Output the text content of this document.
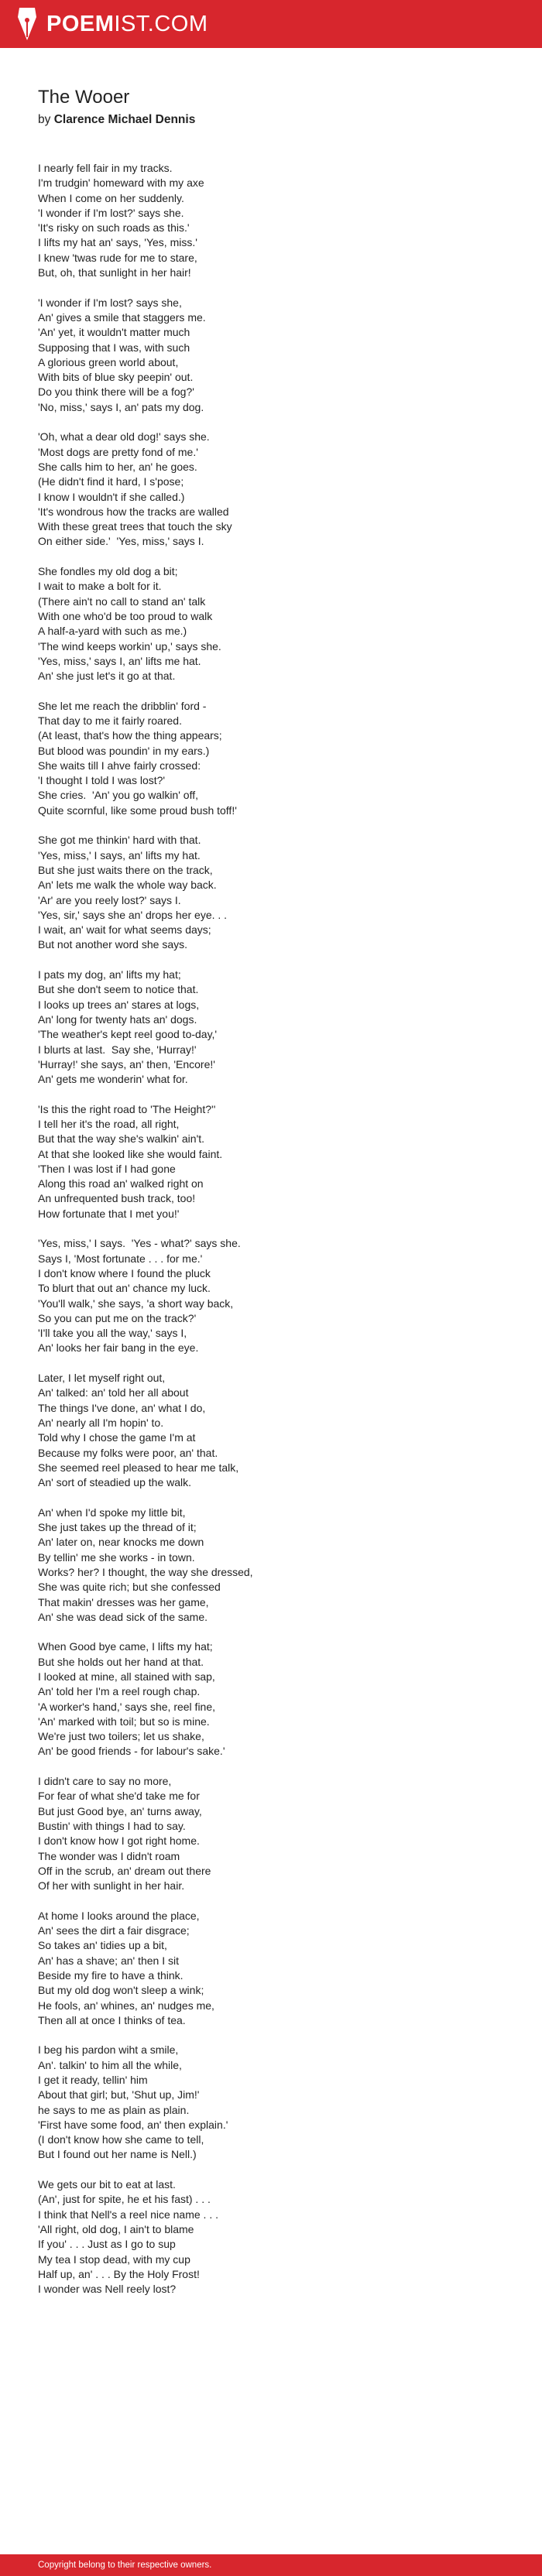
POEMIST.COM
The Wooer

by Clarence Michael Dennis

I nearly fell fair in my tracks.
I'm trudgin' homeward with my axe
When I come on her suddenly.
'I wonder if I'm lost?' says she.
'It's risky on such roads as this.'
I lifts my hat an' says, 'Yes, miss.'
I knew 'twas rude for me to stare,
But, oh, that sunlight in her hair!
'I wonder if I'm lost? says she,
An' gives a smile that staggers me.
'An' yet, it wouldn't matter much
Supposing that I was, with such
A glorious green world about,
With bits of blue sky peepin' out.
Do you think there will be a fog?'
'No, miss,' says I, an' pats my dog.
'Oh, what a dear old dog!' says she.
'Most dogs are pretty fond of me.'
She calls him to her, an' he goes.
(He didn't find it hard, I s'pose;
I know I wouldn't if she called.)
'It's wondrous how the tracks are walled
With these great trees that touch the sky
On either side.'  'Yes, miss,' says I.
She fondles my old dog a bit;
I wait to make a bolt for it.
(There ain't no call to stand an' talk
With one who'd be too proud to walk
A half-a-yard with such as me.)
'The wind keeps workin' up,' says she.
'Yes, miss,' says I, an' lifts me hat.
An' she just let's it go at that.
She let me reach the dribblin' ford -
That day to me it fairly roared.
(At least, that's how the thing appears;
But blood was poundin' in my ears.)
She waits till I ahve fairly crossed:
'I thought I told I was lost?'
She cries.  'An' you go walkin' off,
Quite scornful, like some proud bush toff!'
She got me thinkin' hard with that.
'Yes, miss,' I says, an' lifts my hat.
But she just waits there on the track,
An' lets me walk the whole way back.
'Ar' are you reely lost?' says I.
'Yes, sir,' says she an' drops her eye. . .
I wait, an' wait for what seems days;
But not another word she says.
I pats my dog, an' lifts my hat;
But she don't seem to notice that.
I looks up trees an' stares at logs,
An' long for twenty hats an' dogs.
'The weather's kept reel good to-day,'
I blurts at last.  Say she, 'Hurray!'
'Hurray!' she says, an' then, 'Encore!'
An' gets me wonderin' what for.
'Is this the right road to 'The Height?''
I tell her it's the road, all right,
But that the way she's walkin' ain't.
At that she looked like she would faint.
'Then I was lost if I had gone
Along this road an' walked right on
An unfrequented bush track, too!
How fortunate that I met you!'
'Yes, miss,' I says.  'Yes - what?' says she.
Says I, 'Most fortunate . . . for me.'
I don't know where I found the pluck
To blurt that out an' chance my luck.
'You'll walk,' she says, 'a short way back,
So you can put me on the track?'
'I'll take you all the way,' says I,
An' looks her fair bang in the eye.
Later, I let myself right out,
An' talked: an' told her all about
The things I've done, an' what I do,
An' nearly all I'm hopin' to.
Told why I chose the game I'm at
Because my folks were poor, an' that.
She seemed reel pleased to hear me talk,
An' sort of steadied up the walk.
An' when I'd spoke my little bit,
She just takes up the thread of it;
An' later on, near knocks me down
By tellin' me she works - in town.
Works? her? I thought, the way she dressed,
She was quite rich; but she confessed
That makin' dresses was her game,
An' she was dead sick of the same.
When Good bye came, I lifts my hat;
But she holds out her hand at that.
I looked at mine, all stained with sap,
An' told her I'm a reel rough chap.
'A worker's hand,' says she, reel fine,
'An' marked with toil; but so is mine.
We're just two toilers; let us shake,
An' be good friends - for labour's sake.'
I didn't care to say no more,
For fear of what she'd take me for
But just Good bye, an' turns away,
Bustin' with things I had to say.
I don't know how I got right home.
The wonder was I didn't roam
Off in the scrub, an' dream out there
Of her with sunlight in her hair.
At home I looks around the place,
An' sees the dirt a fair disgrace;
So takes an' tidies up a bit,
An' has a shave; an' then I sit
Beside my fire to have a think.
But my old dog won't sleep a wink;
He fools, an' whines, an' nudges me,
Then all at once I thinks of tea.
I beg his pardon wiht a smile,
An'. talkin' to him all the while,
I get it ready, tellin' him
About that girl; but, 'Shut up, Jim!'
he says to me as plain as plain.
'First have some food, an' then explain.'
(I don't know how she came to tell,
But I found out her name is Nell.)
We gets our bit to eat at last.
(An', just for spite, he et his fast) . . .
I think that Nell's a reel nice name . . .
'All right, old dog, I ain't to blame
If you' . . . Just as I go to sup
My tea I stop dead, with my cup
Half up, an' . . . By the Holy Frost!
I wonder was Nell reely lost?
Copyright belong to their respective owners.
